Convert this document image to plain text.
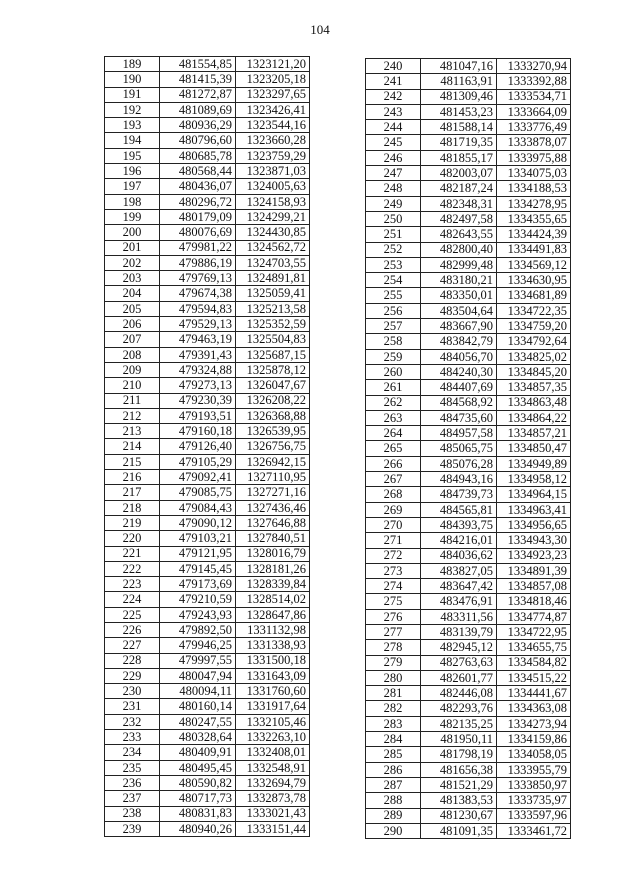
104
189	481554,85	1323121,20
190	481415,39	1323205,18
191	481272,87	1323297,65
192	481089,69	1323426,41
193	480936,29	1323544,16
194	480796,60	1323660,28
195	480685,78	1323759,29
196	480568,44	1323871,03
197	480436,07	1324005,63
198	480296,72	1324158,93
199	480179,09	1324299,21
200	480076,69	1324430,85
201	479981,22	1324562,72
202	479886,19	1324703,55
203	479769,13	1324891,81
204	479674,38	1325059,41
205	479594,83	1325213,58
206	479529,13	1325352,59
207	479463,19	1325504,83
208	479391,43	1325687,15
209	479324,88	1325878,12
210	479273,13	1326047,67
211	479230,39	1326208,22
212	479193,51	1326368,88
213	479160,18	1326539,95
214	479126,40	1326756,75
215	479105,29	1326942,15
216	479092,41	1327110,95
217	479085,75	1327271,16
218	479084,43	1327436,46
219	479090,12	1327646,88
220	479103,21	1327840,51
221	479121,95	1328016,79
222	479145,45	1328181,26
223	479173,69	1328339,84
224	479210,59	1328514,02
225	479243,93	1328647,86
226	479892,50	1331132,98
227	479946,25	1331338,93
228	479997,55	1331500,18
229	480047,94	1331643,09
230	480094,11	1331760,60
231	480160,14	1331917,64
232	480247,55	1332105,46
233	480328,64	1332263,10
234	480409,91	1332408,01
235	480495,45	1332548,91
236	480590,82	1332694,79
237	480717,73	1332873,78
238	480831,83	1333021,43
239	480940,26	1333151,44
240	481047,16	1333270,94
241	481163,91	1333392,88
242	481309,46	1333534,71
243	481453,23	1333664,09
244	481588,14	1333776,49
245	481719,35	1333878,07
246	481855,17	1333975,88
247	482003,07	1334075,03
248	482187,24	1334188,53
249	482348,31	1334278,95
250	482497,58	1334355,65
251	482643,55	1334424,39
252	482800,40	1334491,83
253	482999,48	1334569,12
254	483180,21	1334630,95
255	483350,01	1334681,89
256	483504,64	1334722,35
257	483667,90	1334759,20
258	483842,79	1334792,64
259	484056,70	1334825,02
260	484240,30	1334845,20
261	484407,69	1334857,35
262	484568,92	1334863,48
263	484735,60	1334864,22
264	484957,58	1334857,21
265	485065,75	1334850,47
266	485076,28	1334949,89
267	484943,16	1334958,12
268	484739,73	1334964,15
269	484565,81	1334963,41
270	484393,75	1334956,65
271	484216,01	1334943,30
272	484036,62	1334923,23
273	483827,05	1334891,39
274	483647,42	1334857,08
275	483476,91	1334818,46
276	483311,56	1334774,87
277	483139,79	1334722,95
278	482945,12	1334655,75
279	482763,63	1334584,82
280	482601,77	1334515,22
281	482446,08	1334441,67
282	482293,76	1334363,08
283	482135,25	1334273,94
284	481950,11	1334159,86
285	481798,19	1334058,05
286	481656,38	1333955,79
287	481521,29	1333850,97
288	481383,53	1333735,97
289	481230,67	1333597,96
290	481091,35	1333461,72
